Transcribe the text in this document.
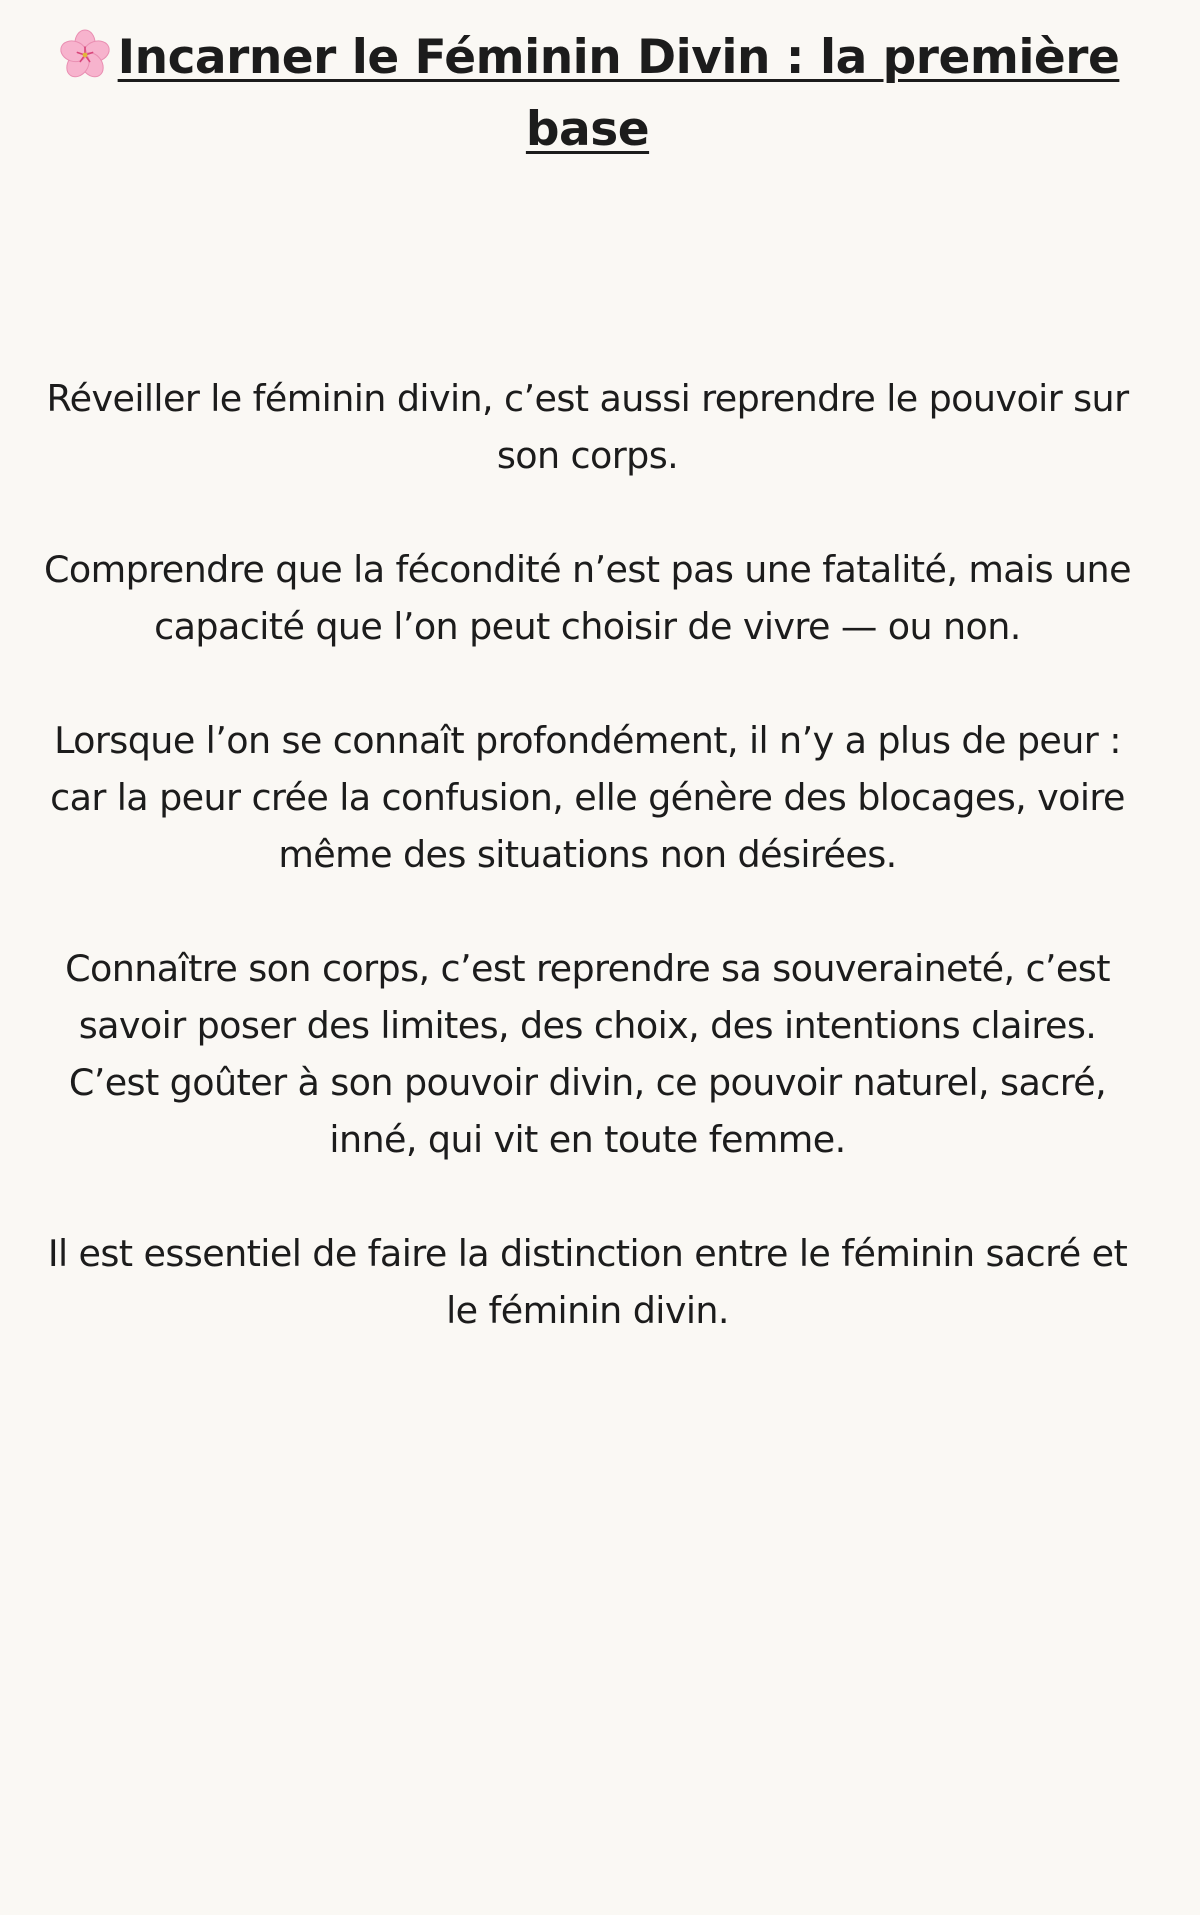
Incarner le Féminin Divin : la première base

Réveiller le féminin divin, c’est aussi reprendre le pouvoir sur
son corps.

Comprendre que la fécondité n’est pas une fatalité, mais une
capacité que l’on peut choisir de vivre — ou non.

Lorsque l’on se connaît profondément, il n’y a plus de peur :
car la peur crée la confusion, elle génère des blocages, voire
même des situations non désirées.

Connaître son corps, c’est reprendre sa souveraineté, c’est
savoir poser des limites, des choix, des intentions claires.
C’est goûter à son pouvoir divin, ce pouvoir naturel, sacré,
inné, qui vit en toute femme.

Il est essentiel de faire la distinction entre le féminin sacré et
le féminin divin.
